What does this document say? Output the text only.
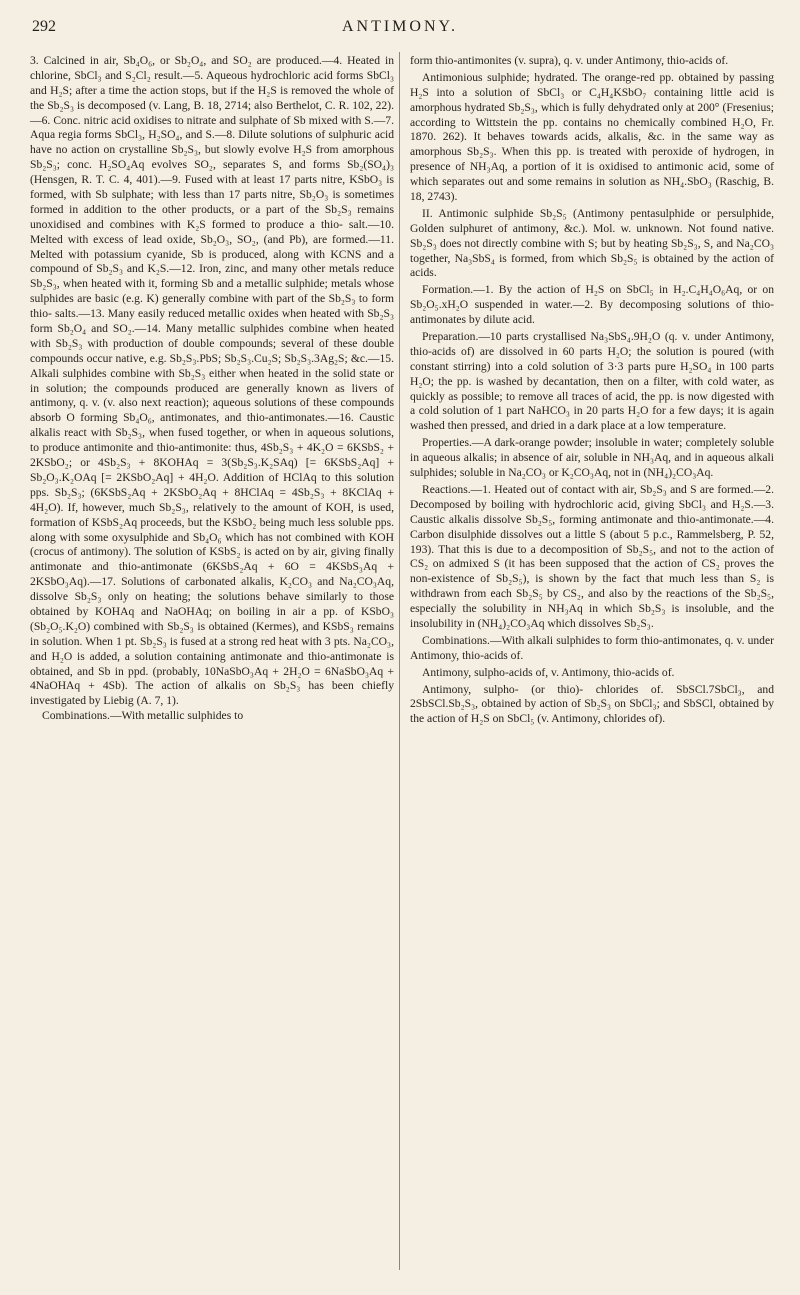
292	ANTIMONY.

3. Calcined in air, Sb₄O₆, or Sb₂O₄, and SO₂ are produced.—4. Heated in chlorine, SbCl₃ and S₂Cl₂ result.—5. Aqueous hydrochloric acid forms SbCl₃ and H₂S; after a time the action stops, but if the H₂S is removed the whole of the Sb₂S₃ is decomposed (v. Lang, B. 18, 2714; also Berthelot, C. R. 102, 22).—6. Conc. nitric acid oxidises to nitrate and sulphate of Sb mixed with S.—7. Aqua regia forms SbCl₃, H₂SO₄, and S.—8. Dilute solutions of sulphuric acid have no action on crystalline Sb₂S₃, but slowly evolve H₂S from amorphous Sb₂S₃; conc. H₂SO₄Aq evolves SO₂, separates S, and forms Sb₂(SO₄)₃ (Hensgen, R. T. C. 4, 401).—9. Fused with at least 17 parts nitre, KSbO₃ is formed, with Sb sulphate; with less than 17 parts nitre, Sb₂O₃ is sometimes formed in addition to the other products, or a part of the Sb₂S₃ remains unoxidised and combines with K₂S formed to produce a thio- salt.—10. Melted with excess of lead oxide, Sb₂O₃, SO₂, (and Pb), are formed.—11. Melted with potassium cyanide, Sb is produced, along with KCNS and a compound of Sb₂S₃ and K₂S.—12. Iron, zinc, and many other metals reduce Sb₂S₃, when heated with it, forming Sb and a metallic sulphide; metals whose sulphides are basic (e.g. K) generally combine with part of the Sb₂S₃ to form thio- salts.—13. Many easily reduced metallic oxides when heated with Sb₂S₃ form Sb₂O₄ and SO₂.—14. Many metallic sulphides combine when heated with Sb₂S₃ with production of double compounds; several of these double compounds occur native, e.g. Sb₂S₃.PbS; Sb₂S₃.Cu₂S; Sb₂S₃.3Ag₂S; &c.—15. Alkali sulphides combine with Sb₂S₃ either when heated in the solid state or in solution; the compounds produced are generally known as livers of antimony, q. v. (v. also next reaction); aqueous solutions of these compounds absorb O forming Sb₄O₆, antimonates, and thio-antimonates.—16. Caustic alkalis react with Sb₂S₃, when fused together, or when in aqueous solutions, to produce antimonite and thio-antimonite: thus, 4Sb₂S₃ + 4K₂O = 6KSbS₂ + 2KSbO₂; or 4Sb₂S₃ + 8KOHAq = 3(Sb₂S₃.K₂SAq) [= 6KSbS₂Aq] + Sb₂O₃.K₂OAq [= 2KSbO₂Aq] + 4H₂O. Addition of HClAq to this solution pps. Sb₂S₃; (6KSbS₂Aq + 2KSbO₂Aq + 8HClAq = 4Sb₂S₃ + 8KClAq + 4H₂O). If, however, much Sb₂S₃, relatively to the amount of KOH, is used, formation of KSbS₂Aq proceeds, but the KSbO₂ being much less soluble pps. along with some oxysulphide and Sb₄O₆ which has not combined with KOH (crocus of antimony). The solution of KSbS₂ is acted on by air, giving finally antimonate and thio-antimonate (6KSbS₂Aq + 6O = 4KSbS₃Aq + 2KSbO₃Aq).—17. Solutions of carbonated alkalis, K₂CO₃ and Na₂CO₃Aq, dissolve Sb₂S₃ only on heating; the solutions behave similarly to those obtained by KOHAq and NaOHAq; on boiling in air a pp. of KSbO₃ (Sb₂O₅.K₂O) combined with Sb₂S₃ is obtained (Kermes), and KSbS₃ remains in solution. When 1 pt. Sb₂S₃ is fused at a strong red heat with 3 pts. Na₂CO₃, and H₂O is added, a solution containing antimonate and thio-antimonate is obtained, and Sb in ppd. (probably, 10NaSbO₃Aq + 2H₂O = 6NaSbO₃Aq + 4NaOHAq + 4Sb). The action of alkalis on Sb₂S₃ has been chiefly investigated by Liebig (A. 7, 1).

Combinations.—With metallic sulphides to

form thio-antimonites (v. supra), q. v. under Antimony, thio-acids of.

Antimonious sulphide; hydrated. The orange-red pp. obtained by passing H₂S into a solution of SbCl₃ or C₄H₄KSbO₇ containing little acid is amorphous hydrated Sb₂S₃, which is fully dehydrated only at 200° (Fresenius; according to Wittstein the pp. contains no chemically combined H₂O, Fr. 1870. 262). It behaves towards acids, alkalis, &c. in the same way as amorphous Sb₂S₃. When this pp. is treated with peroxide of hydrogen, in presence of NH₃Aq, a portion of it is oxidised to antimonic acid, some of which separates out and some remains in solution as NH₄.SbO₃ (Raschig, B. 18, 2743).

II. Antimonic sulphide Sb₂S₅ (Antimony pentasulphide or persulphide, Golden sulphuret of antimony, &c.). Mol. w. unknown. Not found native. Sb₂S₃ does not directly combine with S; but by heating Sb₂S₃, S, and Na₂CO₃ together, Na₃SbS₄ is formed, from which Sb₂S₅ is obtained by the action of acids.

Formation.—1. By the action of H₂S on SbCl₅ in H₂.C₄H₄O₆Aq, or on Sb₂O₅.xH₂O suspended in water.—2. By decomposing solutions of thio-antimonates by dilute acid.

Preparation.—10 parts crystallised Na₃SbS₄.9H₂O (q. v. under Antimony, thio-acids of) are dissolved in 60 parts H₂O; the solution is poured (with constant stirring) into a cold solution of 3·3 parts pure H₂SO₄ in 100 parts H₂O; the pp. is washed by decantation, then on a filter, with cold water, as quickly as possible; to remove all traces of acid, the pp. is now digested with a cold solution of 1 part NaHCO₃ in 20 parts H₂O for a few days; it is again washed then pressed, and dried in a dark place at a low temperature.

Properties.—A dark-orange powder; insoluble in water; completely soluble in aqueous alkalis; in absence of air, soluble in NH₃Aq, and in aqueous alkali sulphides; soluble in Na₂CO₃ or K₂CO₃Aq, not in (NH₄)₂CO₃Aq.

Reactions.—1. Heated out of contact with air, Sb₂S₃ and S are formed.—2. Decomposed by boiling with hydrochloric acid, giving SbCl₃ and H₂S.—3. Caustic alkalis dissolve Sb₂S₅, forming antimonate and thio-antimonate.—4. Carbon disulphide dissolves out a little S (about 5 p.c., Rammelsberg, P. 52, 193). That this is due to a decomposition of Sb₂S₅, and not to the action of CS₂ on admixed S (it has been supposed that the action of CS₂ proves the non-existence of Sb₂S₅), is shown by the fact that much less than S₂ is withdrawn from each Sb₂S₅ by CS₂, and also by the reactions of the Sb₂S₅, especially the solubility in NH₃Aq in which Sb₂S₃ is insoluble, and the insolubility in (NH₄)₂CO₃Aq which dissolves Sb₂S₃.

Combinations.—With alkali sulphides to form thio-antimonates, q. v. under Antimony, thio-acids of.

Antimony, sulpho-acids of, v. Antimony, thio-acids of.

Antimony, sulpho- (or thio)- chlorides of. SbSCl.7SbCl₃, and 2SbSCl.Sb₂S₃, obtained by action of Sb₂S₃ on SbCl₃; and SbSCl, obtained by the action of H₂S on SbCl₅ (v. Antimony, chlorides of).
